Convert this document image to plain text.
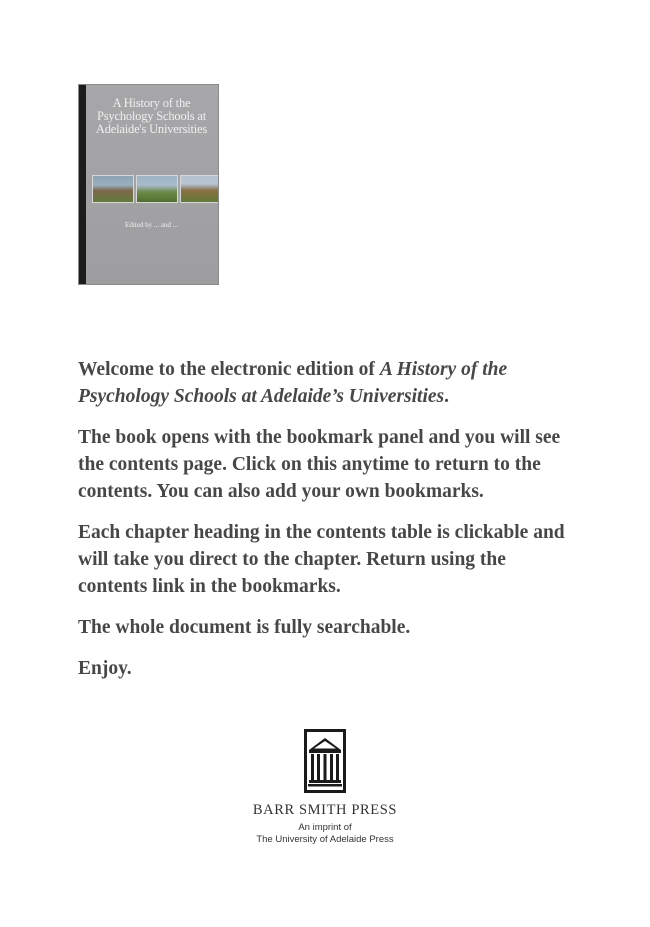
A History of the Psychology Schools at Adelaide's Universities
Edited by ... and ...

Welcome to the electronic edition of A History of the Psychology Schools at Adelaide’s Universities.

The book opens with the bookmark panel and you will see the contents page. Click on this anytime to return to the contents. You can also add your own bookmarks.

Each chapter heading in the contents table is clickable and will take you direct to the chapter. Return using the contents link in the bookmarks.

The whole document is fully searchable.

Enjoy.

BARR SMITH PRESS
An imprint of
The University of Adelaide Press
